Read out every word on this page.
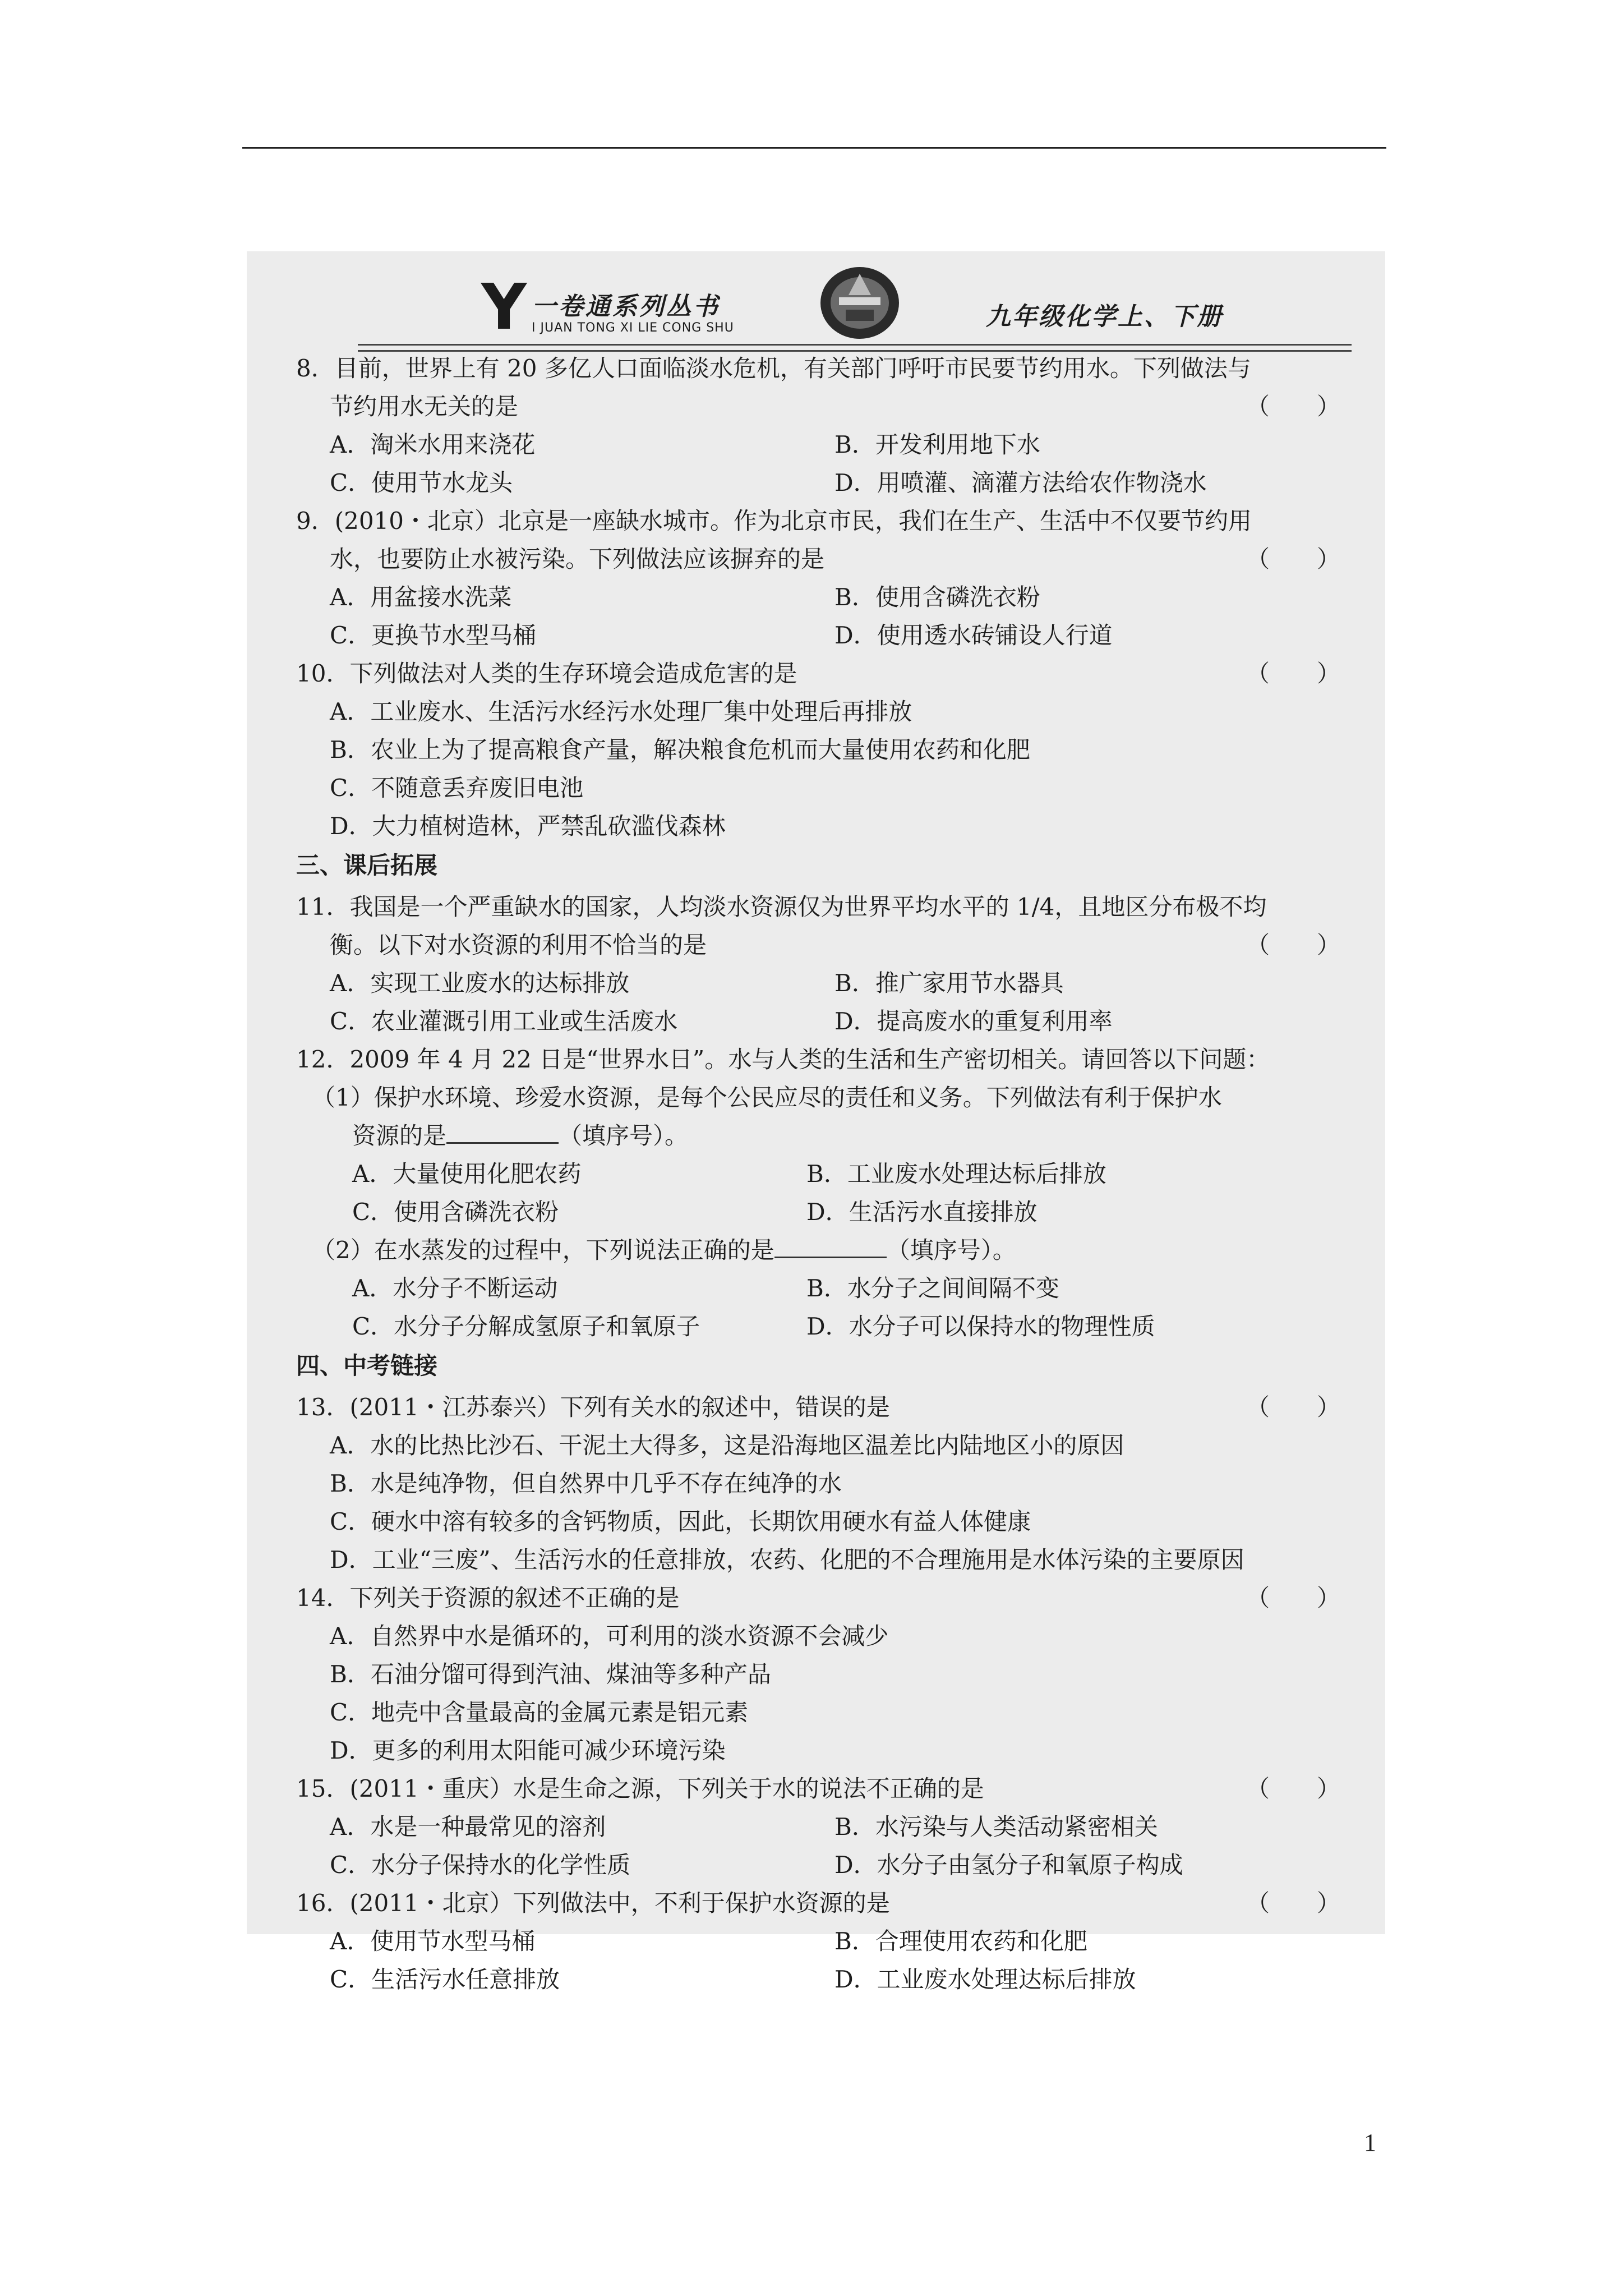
Y 一卷通系列丛书
I JUAN TONG XI LIE CONG SHU	九年级化学上、下册
8．目前，世界上有 20 多亿人口面临淡水危机，有关部门呼吁市民要节约用水。下列做法与
节约用水无关的是	（　　）
A．淘米水用来浇花	B．开发利用地下水
C．使用节水龙头	D．用喷灌、滴灌方法给农作物浇水
9．(2010・北京）北京是一座缺水城市。作为北京市民，我们在生产、生活中不仅要节约用
水，也要防止水被污染。下列做法应该摒弃的是	（　　）
A．用盆接水洗菜	B．使用含磷洗衣粉
C．更换节水型马桶	D．使用透水砖铺设人行道
10．下列做法对人类的生存环境会造成危害的是	（　　）
A．工业废水、生活污水经污水处理厂集中处理后再排放
B．农业上为了提高粮食产量，解决粮食危机而大量使用农药和化肥
C．不随意丢弃废旧电池
D．大力植树造林，严禁乱砍滥伐森林
三、课后拓展
11．我国是一个严重缺水的国家，人均淡水资源仅为世界平均水平的 1/4，且地区分布极不均
衡。以下对水资源的利用不恰当的是	（　　）
A．实现工业废水的达标排放	B．推广家用节水器具
C．农业灌溉引用工业或生活废水	D．提高废水的重复利用率
12．2009 年 4 月 22 日是“世界水日”。水与人类的生活和生产密切相关。请回答以下问题：
（1）保护水环境、珍爱水资源，是每个公民应尽的责任和义务。下列做法有利于保护水
资源的是	（填序号）。
A．大量使用化肥农药	B．工业废水处理达标后排放
C．使用含磷洗衣粉	D．生活污水直接排放
（2）在水蒸发的过程中，下列说法正确的是	（填序号）。
A．水分子不断运动	B．水分子之间间隔不变
C．水分子分解成氢原子和氧原子	D．水分子可以保持水的物理性质
四、中考链接
13．(2011・江苏泰兴）下列有关水的叙述中，错误的是	（　　）
A．水的比热比沙石、干泥土大得多，这是沿海地区温差比内陆地区小的原因
B．水是纯净物，但自然界中几乎不存在纯净的水
C．硬水中溶有较多的含钙物质，因此，长期饮用硬水有益人体健康
D．工业“三废”、生活污水的任意排放，农药、化肥的不合理施用是水体污染的主要原因
14．下列关于资源的叙述不正确的是	（　　）
A．自然界中水是循环的，可利用的淡水资源不会减少
B．石油分馏可得到汽油、煤油等多种产品
C．地壳中含量最高的金属元素是铝元素
D．更多的利用太阳能可减少环境污染
15．(2011・重庆）水是生命之源，下列关于水的说法不正确的是	（　　）
A．水是一种最常见的溶剂	B．水污染与人类活动紧密相关
C．水分子保持水的化学性质	D．水分子由氢分子和氧原子构成
16．(2011・北京）下列做法中，不利于保护水资源的是	（　　）
A．使用节水型马桶	B．合理使用农药和化肥
C．生活污水任意排放	D．工业废水处理达标后排放
1
